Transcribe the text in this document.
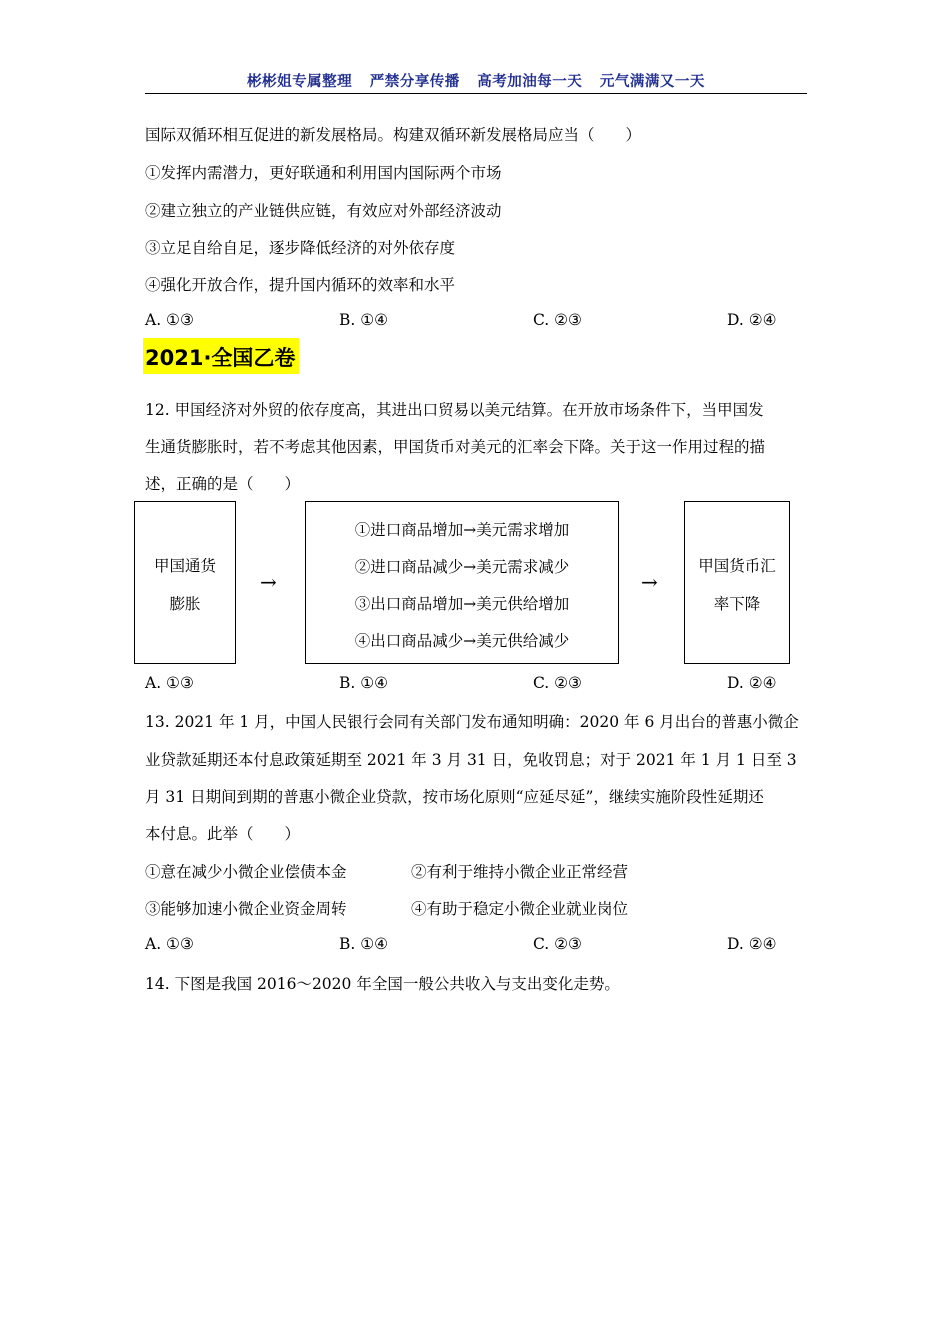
彬彬姐专属整理 严禁分享传播 高考加油每一天 元气满满又一天
国际双循环相互促进的新发展格局。构建双循环新发展格局应当（　　）
①发挥内需潜力，更好联通和利用国内国际两个市场
②建立独立的产业链供应链，有效应对外部经济波动
③立足自给自足，逐步降低经济的对外依存度
④强化开放合作，提升国内循环的效率和水平
A. ①③	B. ①④	C. ②③	D. ②④
2021·全国乙卷
12. 甲国经济对外贸的依存度高，其进出口贸易以美元结算。在开放市场条件下，当甲国发
生通货膨胀时，若不考虑其他因素，甲国货币对美元的汇率会下降。关于这一作用过程的描
述，正确的是（　　）
甲国通货
膨胀
→
①进口商品增加→美元需求增加
②进口商品减少→美元需求减少
③出口商品增加→美元供给增加
④出口商品减少→美元供给减少
→
甲国货币汇
率下降
A. ①③	B. ①④	C. ②③	D. ②④
13. 2021 年 1 月，中国人民银行会同有关部门发布通知明确：2020 年 6 月出台的普惠小微企
业贷款延期还本付息政策延期至 2021 年 3 月 31 日，免收罚息；对于 2021 年 1 月 1 日至 3
月 31 日期间到期的普惠小微企业贷款，按市场化原则“应延尽延”，继续实施阶段性延期还
本付息。此举（　　）
①意在减少小微企业偿债本金	②有利于维持小微企业正常经营
③能够加速小微企业资金周转	④有助于稳定小微企业就业岗位
A. ①③	B. ①④	C. ②③	D. ②④
14. 下图是我国 2016～2020 年全国一般公共收入与支出变化走势。
